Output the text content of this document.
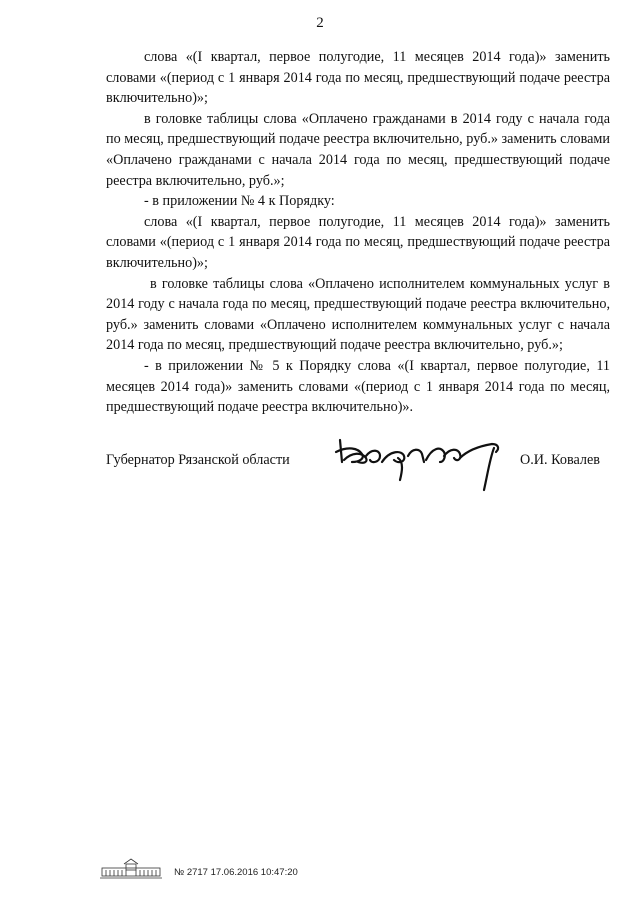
2

слова «(I квартал, первое полугодие, 11 месяцев 2014 года)» заменить словами «(период с 1 января 2014 года по месяц, предшествующий подаче реестра включительно)»;

в головке таблицы слова «Оплачено гражданами в 2014 году с начала года по месяц, предшествующий подаче реестра включительно, руб.» заменить словами «Оплачено гражданами с начала 2014 года по месяц, предшествующий подаче реестра включительно, руб.»;

- в приложении № 4 к Порядку:

слова «(I квартал, первое полугодие, 11 месяцев 2014 года)» заменить словами «(период с 1 января 2014 года по месяц, предшествующий подаче реестра включительно)»;

в головке таблицы слова «Оплачено исполнителем коммунальных услуг в 2014 году с начала года по месяц, предшествующий подаче реестра включительно, руб.» заменить словами «Оплачено исполнителем коммунальных услуг с начала 2014 года по месяц, предшествующий подаче реестра включительно, руб.»;

- в приложении № 5 к Порядку слова «(I квартал, первое полугодие, 11 месяцев 2014 года)» заменить словами «(период с 1 января 2014 года по месяц, предшествующий подаче реестра включительно)».

Губернатор Рязанской области	О.И. Ковалев
№ 2717 17.06.2016 10:47:20
